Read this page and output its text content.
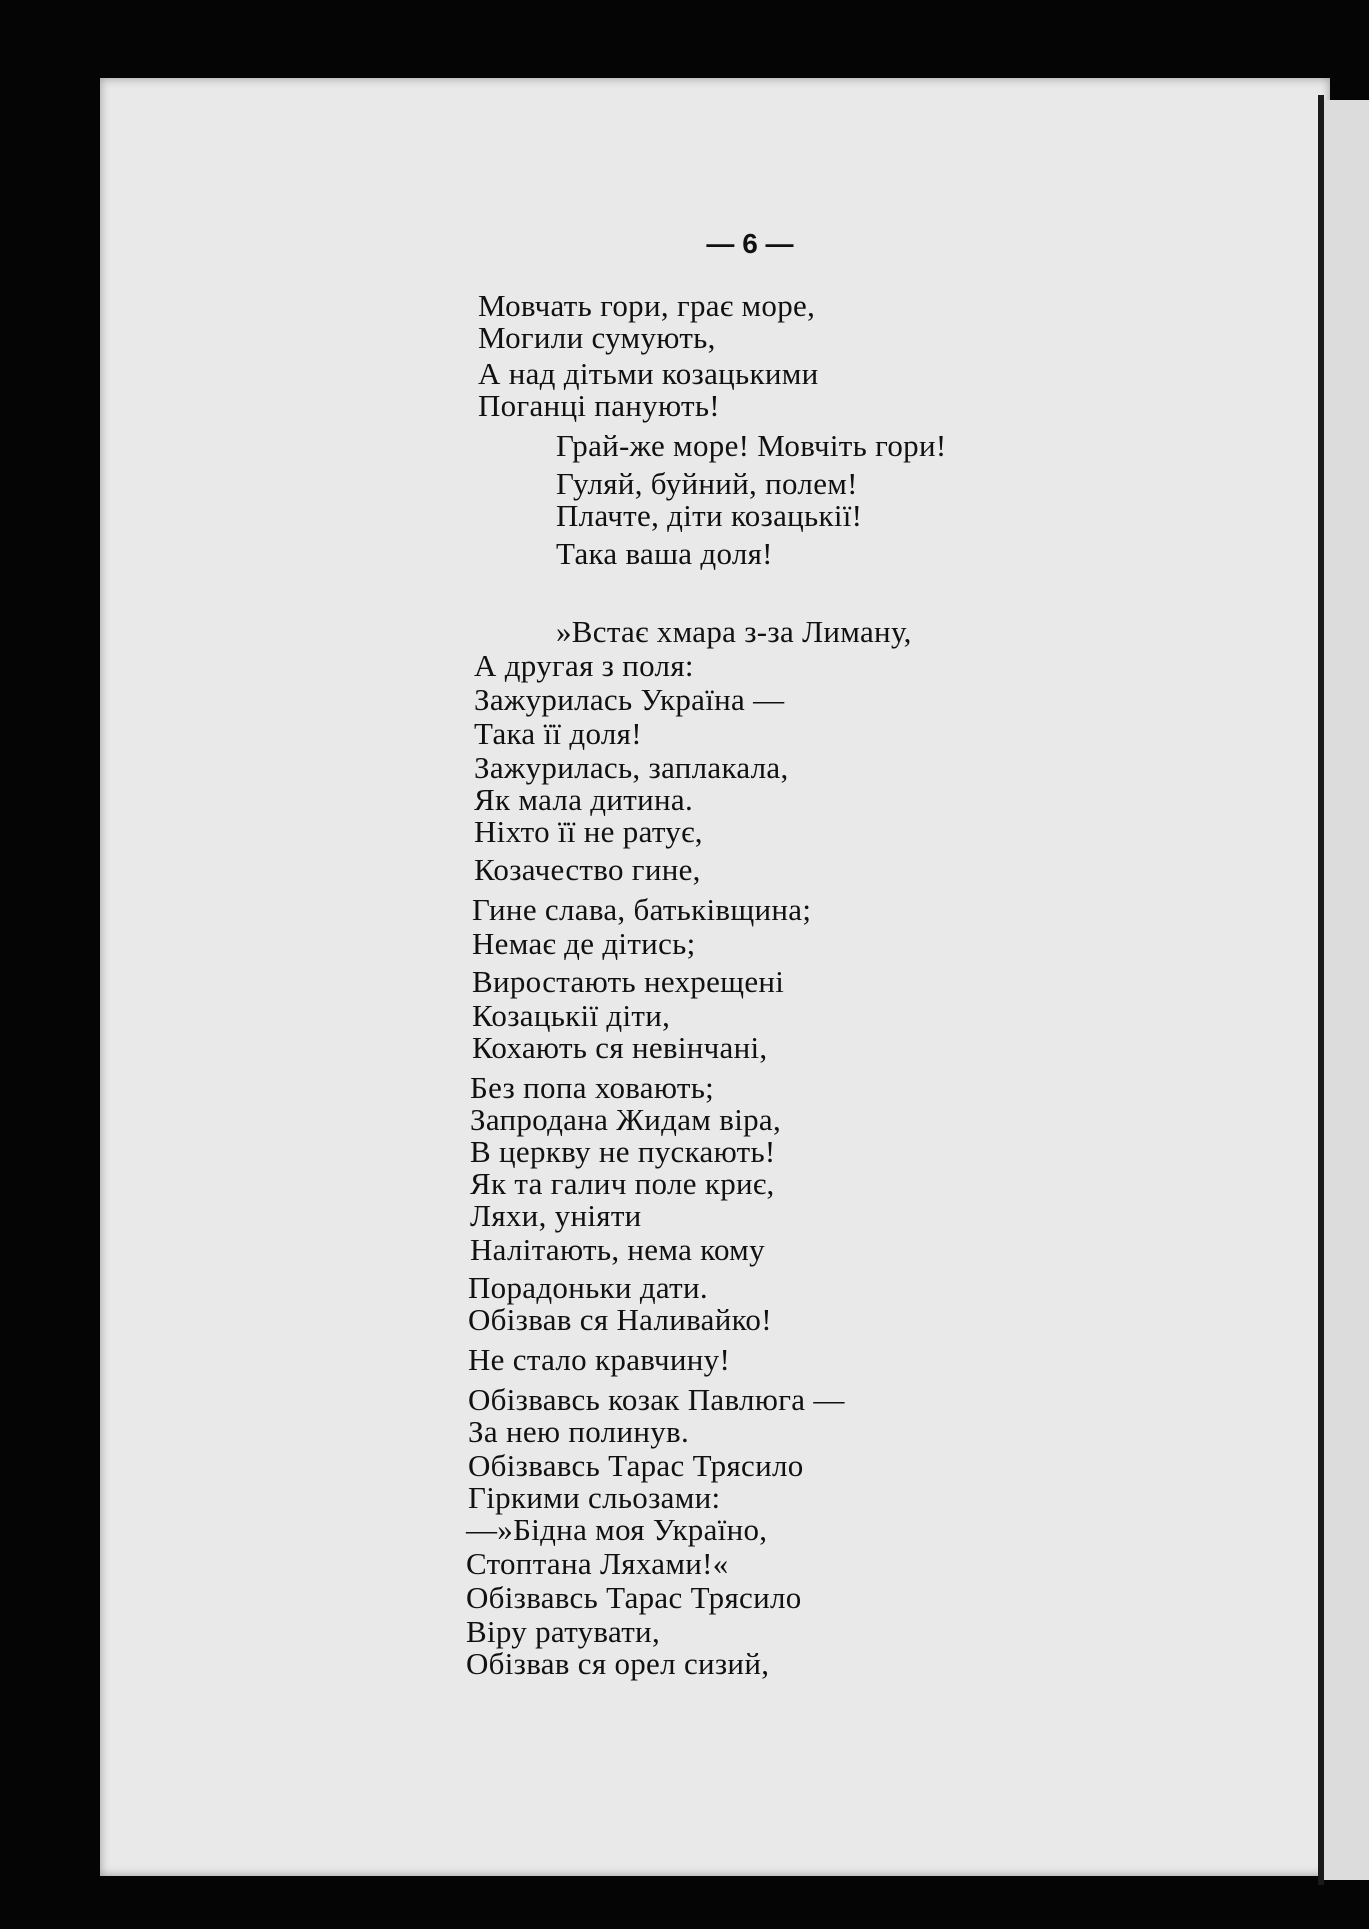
— 6 —
Мовчать гори, грає море,
Могили сумують,
А над дітьми козацькими
Поганці панують!
Грай-же море! Мовчіть гори!
Гуляй, буйний, полем!
Плачте, діти козацькії!
Така ваша доля!
»Встає хмара з-за Лиману,
А другая з поля:
Зажурилась Україна —
Така її доля!
Зажурилась, заплакала,
Як мала дитина.
Ніхто її не ратує,
Козачество гине,
Гине слава, батьківщина;
Немає де дітись;
Виростають нехрещені
Козацькії діти,
Кохають ся невінчані,
Без попа ховають;
Запродана Жидам віра,
В церкву не пускають!
Як та галич поле криє,
Ляхи, уніяти
Налітають, нема кому
Порадоньки дати.
Обізвав ся Наливайко!
Не стало кравчину!
Обізвавсь козак Павлюга —
За нею полинув.
Обізвавсь Тарас Трясило
Гіркими сльозами:
—»Бідна моя Україно,
Стоптана Ляхами!«
Обізвавсь Тарас Трясило
Віру ратувати,
Обізвав ся орел сизий,
